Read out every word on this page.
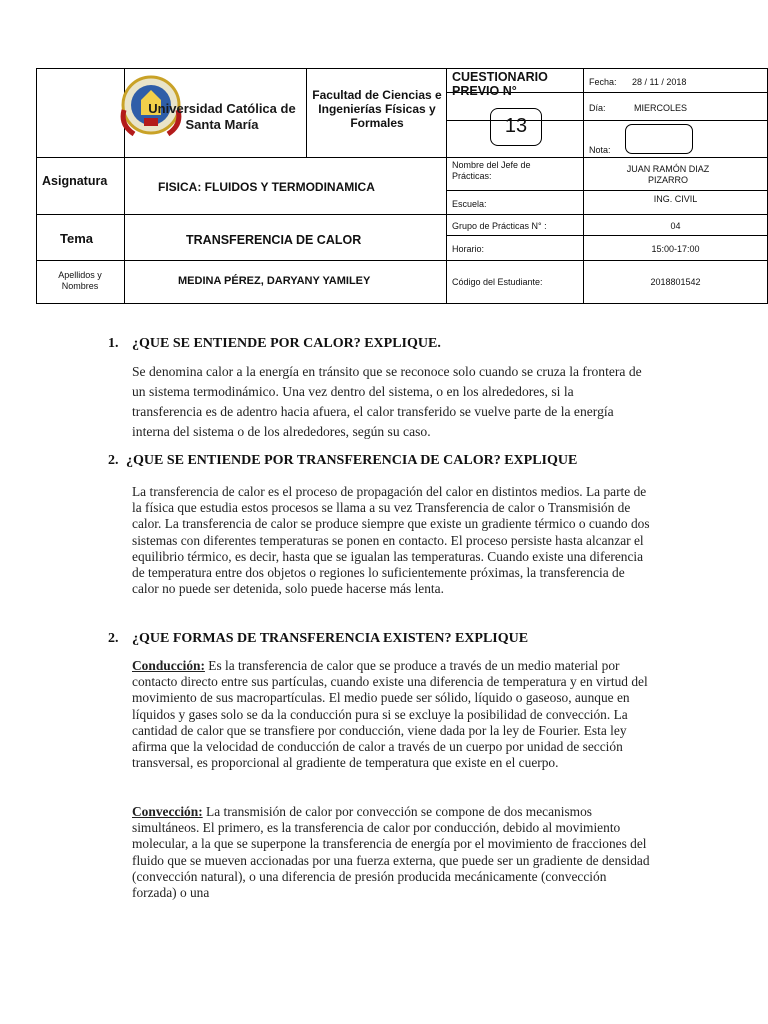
Universidad Católica de
Santa María
Facultad de Ciencias e Ingenierías Físicas y Formales
CUESTIONARIO
PREVIO N°
13
Fecha: 28 / 11 / 2018
Día:	MIERCOLES
Nota:
Asignatura	FISICA: FLUIDOS Y TERMODINAMICA
Nombre del Jefe de Prácticas:
JUAN RAMÓN DIAZ PIZARRO
Escuela:	ING. CIVIL
Tema	TRANSFERENCIA DE CALOR
Grupo de Prácticas N° :	04
Horario:	15:00-17:00
Apellidos y Nombres	MEDINA PÉREZ, DARYANY YAMILEY	Código del Estudiante:	2018801542
1. ¿QUE SE ENTIENDE POR CALOR? EXPLIQUE.
Se denomina calor a la energía en tránsito que se reconoce solo cuando se cruza la frontera de un sistema termodinámico. Una vez dentro del sistema, o en los alrededores, si la transferencia es de adentro hacia afuera, el calor transferido se vuelve parte de la energía interna del sistema o de los alrededores, según su caso.
2. ¿QUE SE ENTIENDE POR TRANSFERENCIA DE CALOR? EXPLIQUE
La transferencia de calor es el proceso de propagación del calor en distintos medios. La parte de la física que estudia estos procesos se llama a su vez Transferencia de calor o Transmisión de calor. La transferencia de calor se produce siempre que existe un gradiente térmico o cuando dos sistemas con diferentes temperaturas se ponen en contacto. El proceso persiste hasta alcanzar el equilibrio térmico, es decir, hasta que se igualan las temperaturas. Cuando existe una diferencia de temperatura entre dos objetos o regiones lo suficientemente próximas, la transferencia de calor no puede ser detenida, solo puede hacerse más lenta.
2. ¿QUE FORMAS DE TRANSFERENCIA EXISTEN? EXPLIQUE
Conducción: Es la transferencia de calor que se produce a través de un medio material por contacto directo entre sus partículas, cuando existe una diferencia de temperatura y en virtud del movimiento de sus macropartículas. El medio puede ser sólido, líquido o gaseoso, aunque en líquidos y gases solo se da la conducción pura si se excluye la posibilidad de convección. La cantidad de calor que se transfiere por conducción, viene dada por la ley de Fourier. Esta ley afirma que la velocidad de conducción de calor a través de un cuerpo por unidad de sección transversal, es proporcional al gradiente de temperatura que existe en el cuerpo.
Convección: La transmisión de calor por convección se compone de dos mecanismos simultáneos. El primero, es la transferencia de calor por conducción, debido al movimiento molecular, a la que se superpone la transferencia de energía por el movimiento de fracciones del fluido que se mueven accionadas por una fuerza externa, que puede ser un gradiente de densidad (convección natural), o una diferencia de presión producida mecánicamente (convección forzada) o una
